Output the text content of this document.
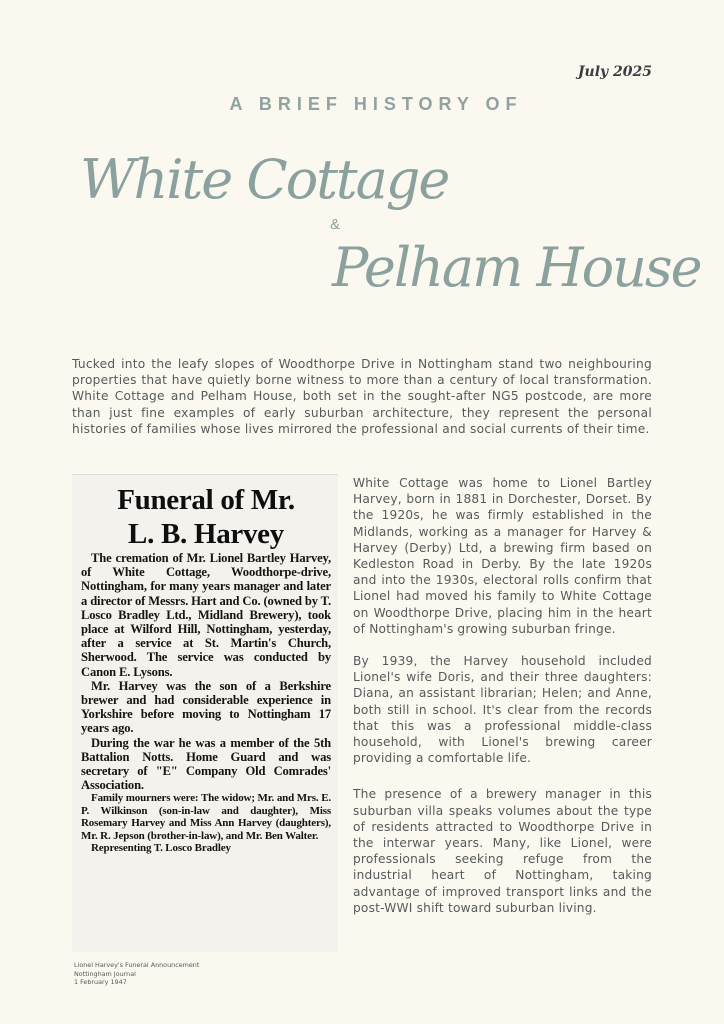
July 2025
A BRIEF HISTORY OF
White Cottage
&
Pelham House

Tucked into the leafy slopes of Woodthorpe Drive in Nottingham stand two neighbouring properties that have quietly borne witness to more than a century of local transformation. White Cottage and Pelham House, both set in the sought-after NG5 postcode, are more than just fine examples of early suburban architecture, they represent the personal histories of families whose lives mirrored the professional and social currents of their time.

Funeral of Mr.
L. B. Harvey

The cremation of Mr. Lionel Bartley Harvey, of White Cottage, Woodthorpe-drive, Nottingham, for many years manager and later a director of Messrs. Hart and Co. (owned by T. Losco Bradley Ltd., Midland Brewery), took place at Wilford Hill, Nottingham, yesterday, after a service at St. Martin's Church, Sherwood. The service was conducted by Canon E. Lysons.

Mr. Harvey was the son of a Berkshire brewer and had considerable experience in Yorkshire before moving to Nottingham 17 years ago.

During the war he was a member of the 5th Battalion Notts. Home Guard and was secretary of "E" Company Old Comrades' Association.

Family mourners were: The widow; Mr. and Mrs. E. P. Wilkinson (son-in-law and daughter), Miss Rosemary Harvey and Miss Ann Harvey (daughters), Mr. R. Jepson (brother-in-law), and Mr. Ben Walter.

Representing T. Losco Bradley

Lionel Harvey's Funeral Announcement
Nottingham Journal
1 February 1947

White Cottage was home to Lionel Bartley Harvey, born in 1881 in Dorchester, Dorset. By the 1920s, he was firmly established in the Midlands, working as a manager for Harvey & Harvey (Derby) Ltd, a brewing firm based on Kedleston Road in Derby. By the late 1920s and into the 1930s, electoral rolls confirm that Lionel had moved his family to White Cottage on Woodthorpe Drive, placing him in the heart of Nottingham's growing suburban fringe.

By 1939, the Harvey household included Lionel's wife Doris, and their three daughters: Diana, an assistant librarian; Helen; and Anne, both still in school. It's clear from the records that this was a professional middle-class household, with Lionel's brewing career providing a comfortable life.

The presence of a brewery manager in this suburban villa speaks volumes about the type of residents attracted to Woodthorpe Drive in the interwar years. Many, like Lionel, were professionals seeking refuge from the industrial heart of Nottingham, taking advantage of improved transport links and the post-WWI shift toward suburban living.
